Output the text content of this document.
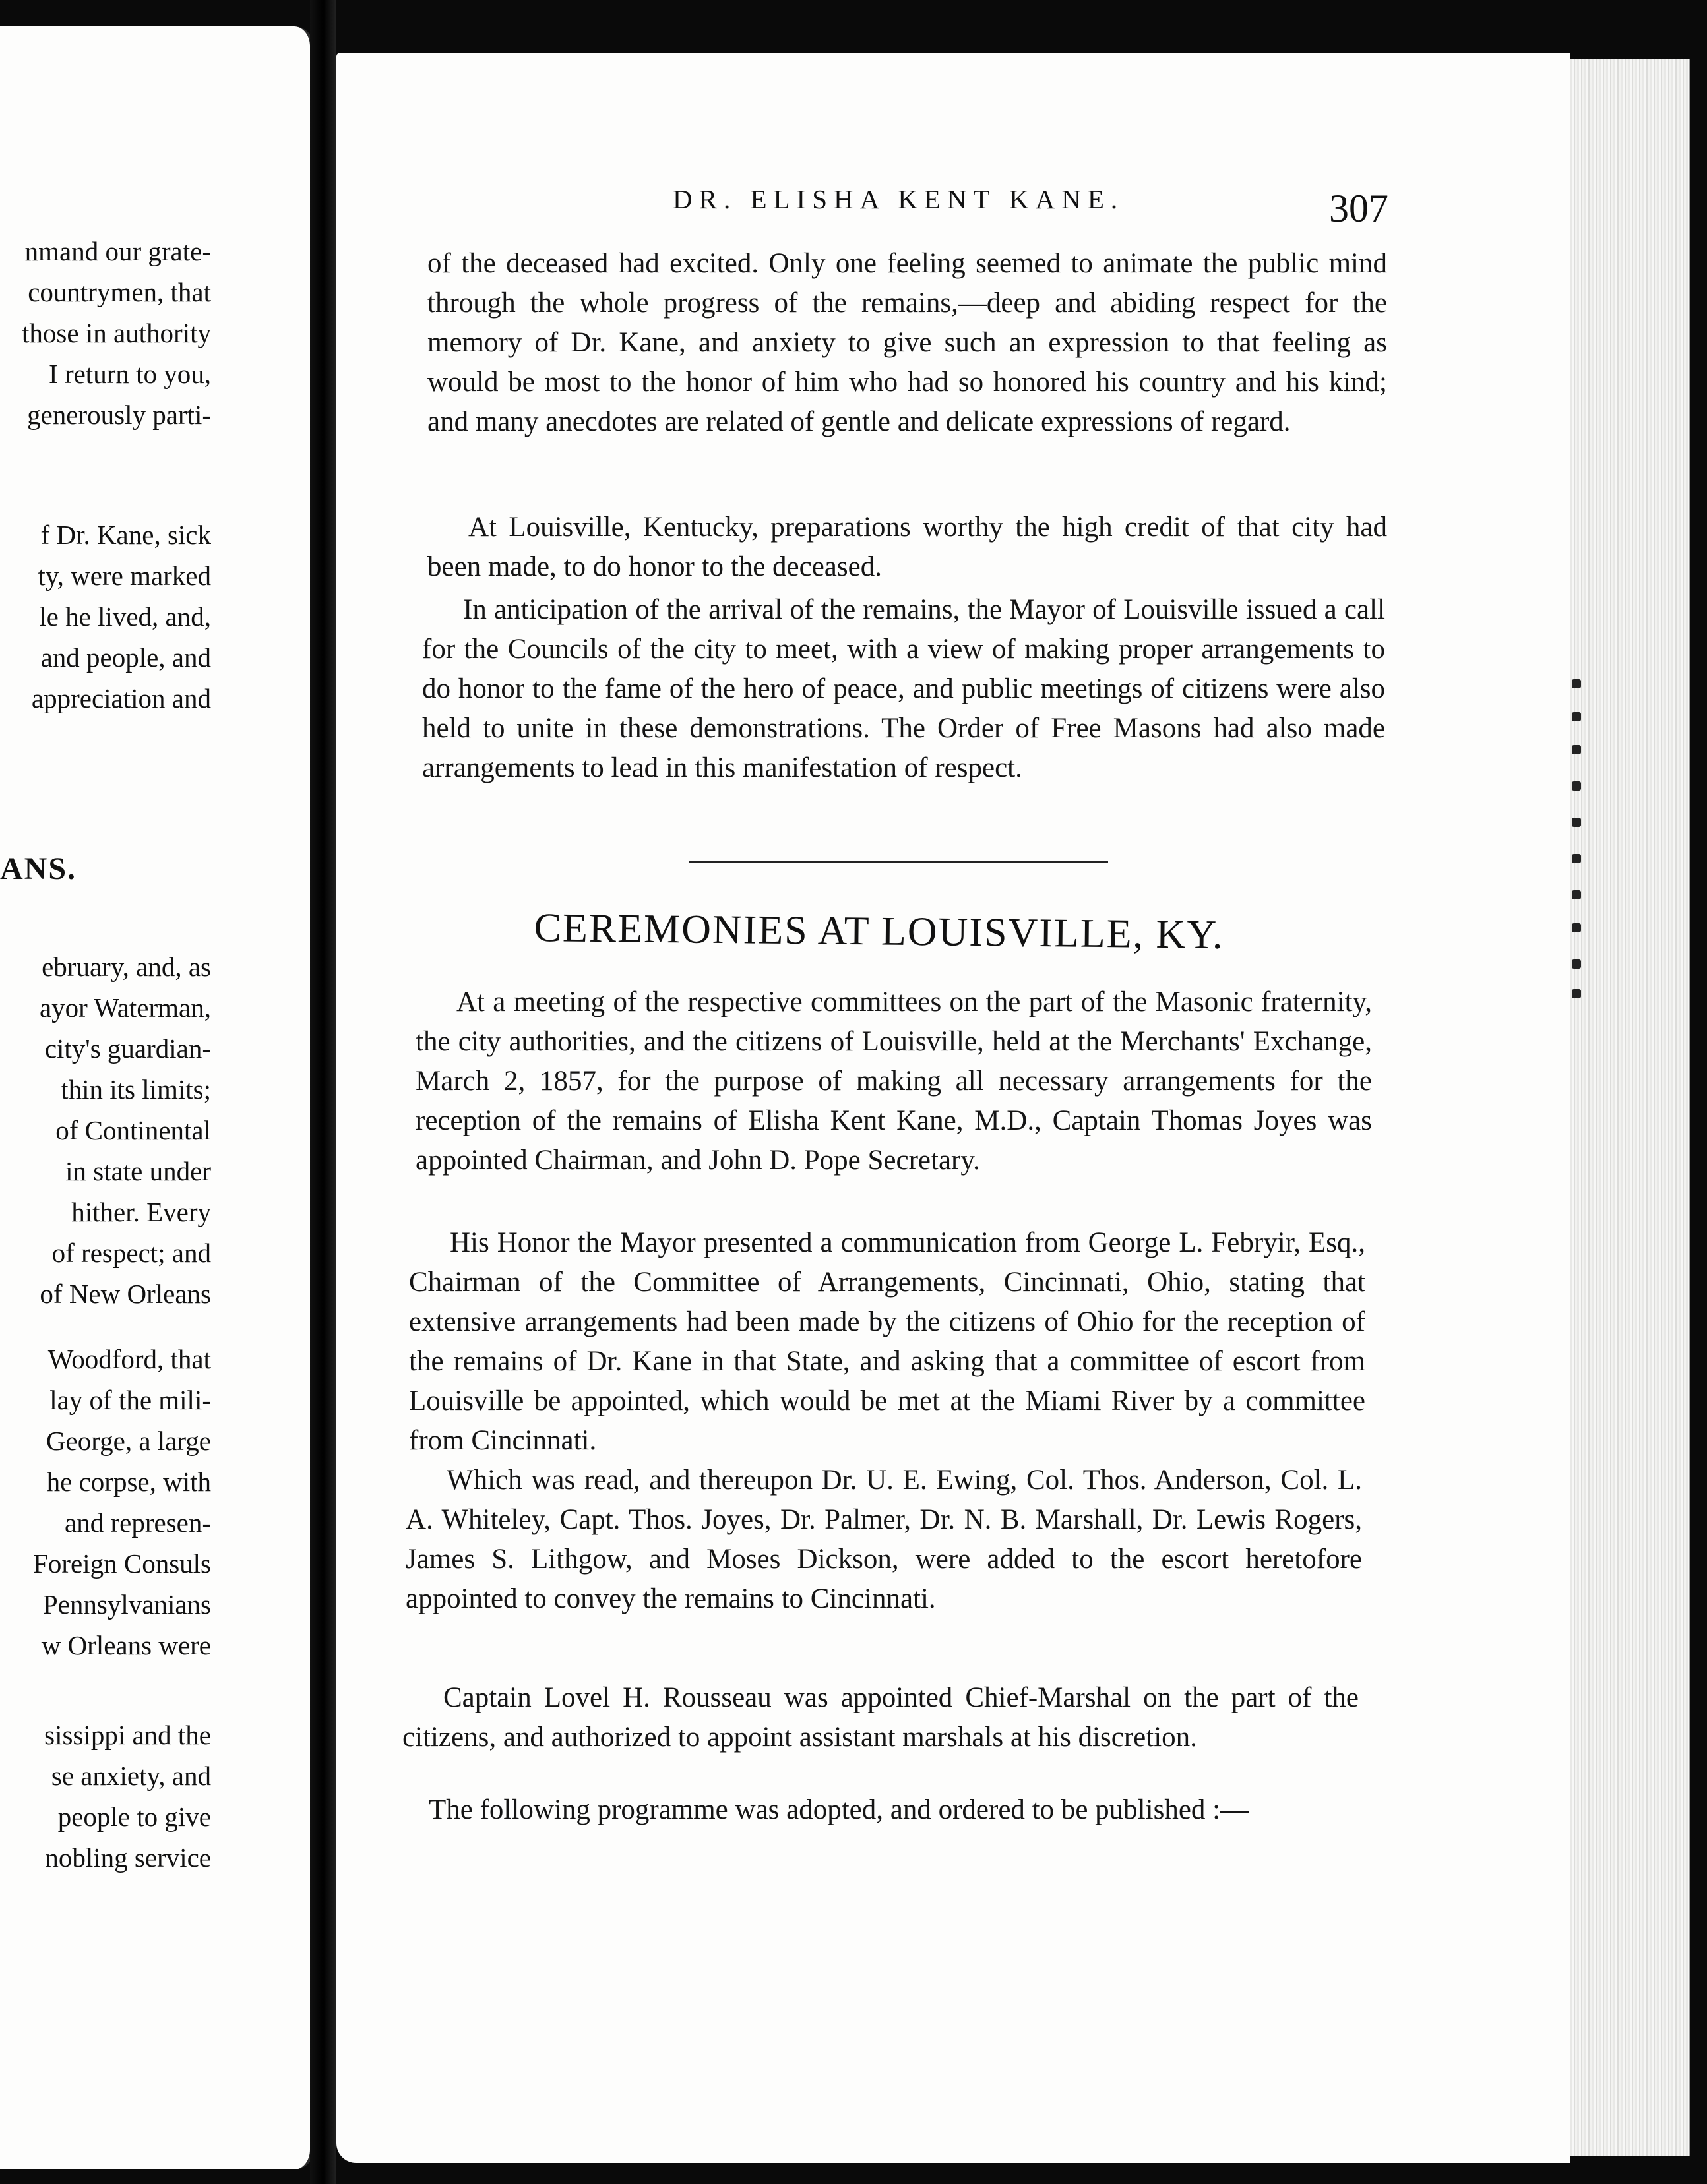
nmand our grate-
countrymen, that
those in authority
I return to you,
generously parti-
f Dr. Kane, sick
ty, were marked
le he lived, and,
and people, and
appreciation and
ANS.
ebruary, and, as
ayor Waterman,
city's guardian-
thin its limits;
of Continental
in state under
hither. Every
of respect; and
of New Orleans
Woodford, that
lay of the mili-
George, a large
he corpse, with
and represen-
Foreign Consuls
Pennsylvanians
w Orleans were
sissippi and the
se anxiety, and
people to give
nobling service
DR. ELISHA KENT KANE.	307
of the deceased had excited. Only one feeling seemed to animate the public mind through the whole progress of the remains,—deep and abiding respect for the memory of Dr. Kane, and anxiety to give such an expression to that feeling as would be most to the honor of him who had so honored his country and his kind; and many anecdotes are related of gentle and delicate expressions of regard.
At Louisville, Kentucky, preparations worthy the high credit of that city had been made, to do honor to the deceased.
In anticipation of the arrival of the remains, the Mayor of Louisville issued a call for the Councils of the city to meet, with a view of making proper arrangements to do honor to the fame of the hero of peace, and public meetings of citizens were also held to unite in these demonstrations. The Order of Free Masons had also made arrangements to lead in this manifestation of respect.
CEREMONIES AT LOUISVILLE, KY.
At a meeting of the respective committees on the part of the Masonic fraternity, the city authorities, and the citizens of Louisville, held at the Merchants' Exchange, March 2, 1857, for the purpose of making all necessary arrangements for the reception of the remains of Elisha Kent Kane, M.D., Captain Thomas Joyes was appointed Chairman, and John D. Pope Secretary.
His Honor the Mayor presented a communication from George L. Febryir, Esq., Chairman of the Committee of Arrangements, Cincinnati, Ohio, stating that extensive arrangements had been made by the citizens of Ohio for the reception of the remains of Dr. Kane in that State, and asking that a committee of escort from Louisville be appointed, which would be met at the Miami River by a committee from Cincinnati.
Which was read, and thereupon Dr. U. E. Ewing, Col. Thos. Anderson, Col. L. A. Whiteley, Capt. Thos. Joyes, Dr. Palmer, Dr. N. B. Marshall, Dr. Lewis Rogers, James S. Lithgow, and Moses Dickson, were added to the escort heretofore appointed to convey the remains to Cincinnati.
Captain Lovel H. Rousseau was appointed Chief-Marshal on the part of the citizens, and authorized to appoint assistant marshals at his discretion.
The following programme was adopted, and ordered to be published :—
